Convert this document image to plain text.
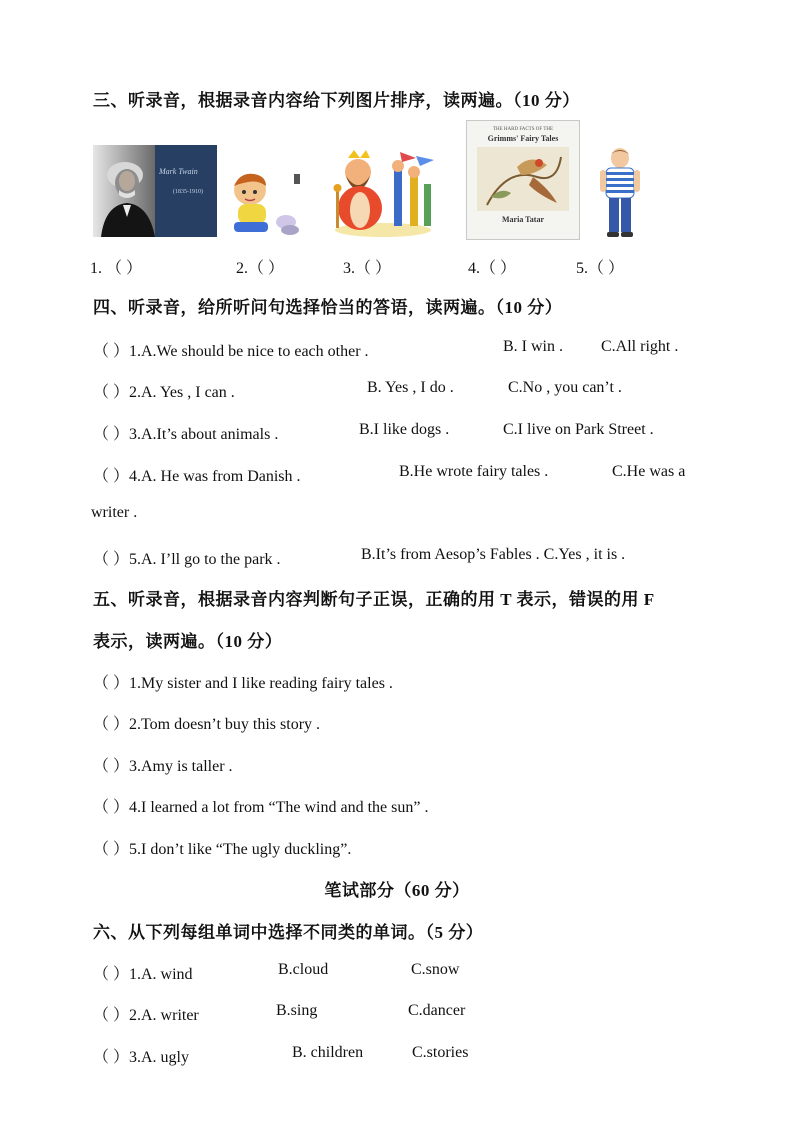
三、听录音，根据录音内容给下列图片排序，读两遍。（10 分）
Mark Twain
(1835-1910)
THE HARD FACTS OF THE
Grimms' Fairy Tales
Maria Tatar
1. （ ）	2.（ ）	3.（ ）	4.（ ）	5.（ ）
四、听录音，给所听问句选择恰当的答语，读两遍。（10 分）
（ ）1.A.We should be nice to each other .	B. I win . C.All right .
（ ）2.A. Yes , I can .	B. Yes , I do .	C.No , you can’t .
（ ）3.A.It’s about animals .	B.I like dogs .	C.I live on Park Street .
（ ）4.A. He was from Danish .	B.He wrote fairy tales .	C.He was a
writer .
（ ）5.A. I’ll go to the park .	B.It’s from Aesop’s Fables . C.Yes , it is .
五、听录音，根据录音内容判断句子正误，正确的用 T 表示，错误的用 F
表示，读两遍。（10 分）
（ ）1.My sister and I like reading fairy tales .
（ ）2.Tom doesn’t buy this story .
（ ）3.Amy is taller .
（ ）4.I learned a lot from “The wind and the sun” .
（ ）5.I don’t like “The ugly duckling”.
笔试部分（60 分）
六、从下列每组单词中选择不同类的单词。（5 分）
（ ）1.A. wind	B.cloud	C.snow
（ ）2.A. writer	B.sing	C.dancer
（ ）3.A. ugly	B. children	C.stories
